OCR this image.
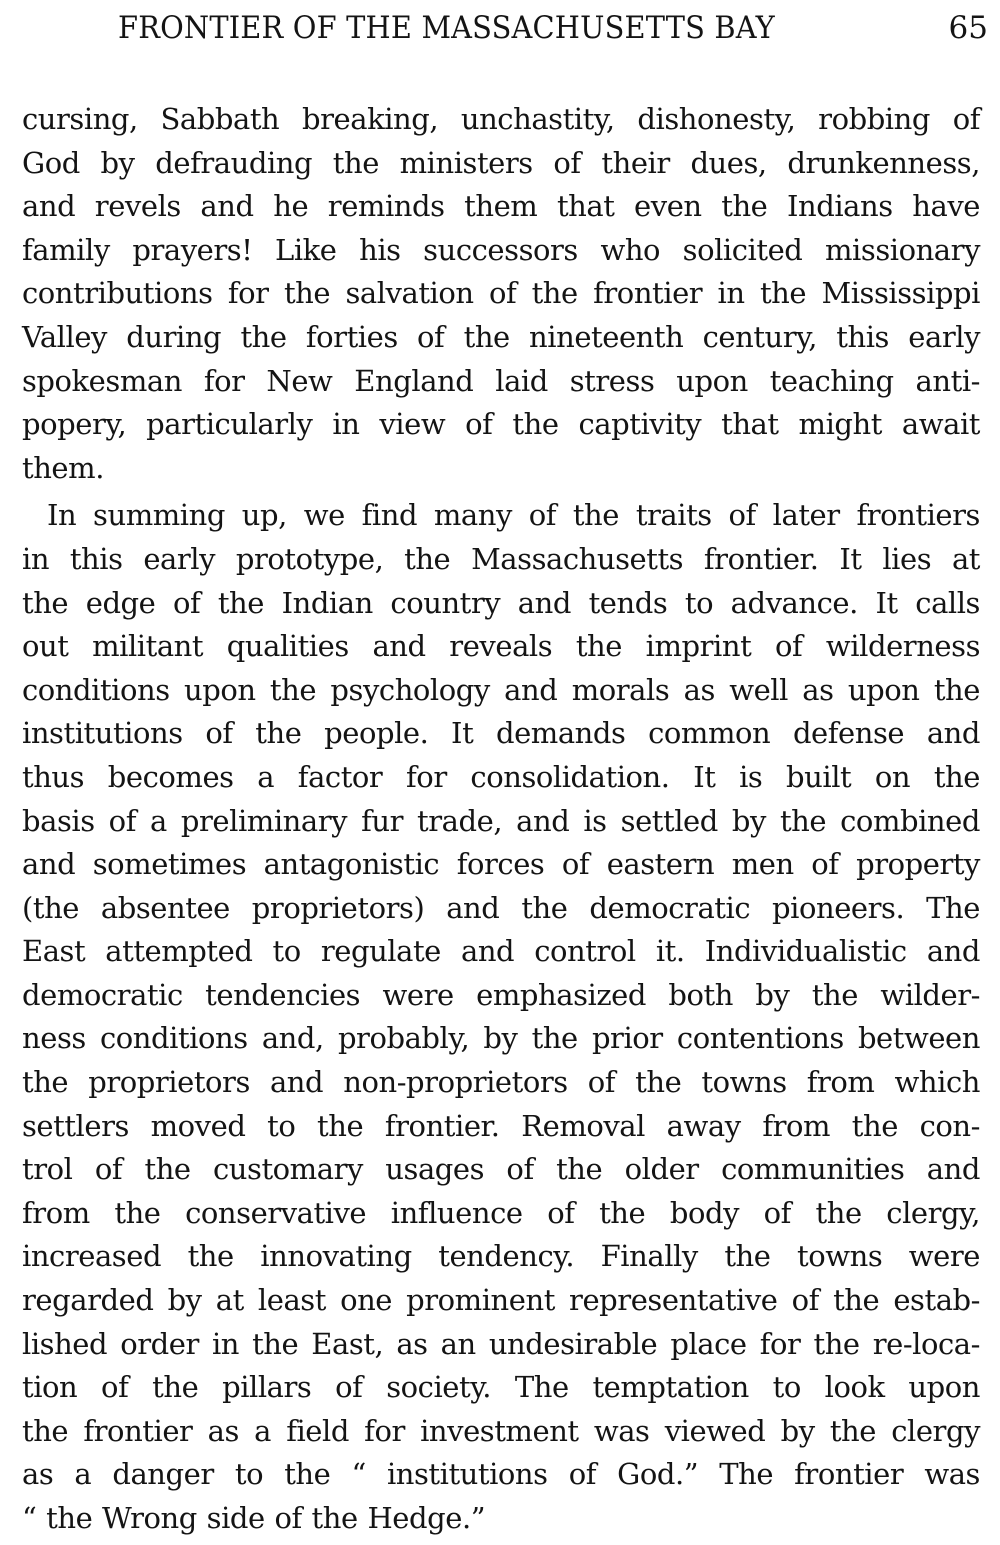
FRONTIER OF THE MASSACHUSETTS BAY	65
cursing, Sabbath breaking, unchastity, dishonesty, robbing of
God by defrauding the ministers of their dues, drunkenness,
and revels and he reminds them that even the Indians have
family prayers! Like his successors who solicited missionary
contributions for the salvation of the frontier in the Mississippi
Valley during the forties of the nineteenth century, this early
spokesman for New England laid stress upon teaching anti-
popery, particularly in view of the captivity that might await
them.
In summing up, we find many of the traits of later frontiers
in this early prototype, the Massachusetts frontier. It lies at
the edge of the Indian country and tends to advance. It calls
out militant qualities and reveals the imprint of wilderness
conditions upon the psychology and morals as well as upon the
institutions of the people. It demands common defense and
thus becomes a factor for consolidation. It is built on the
basis of a preliminary fur trade, and is settled by the combined
and sometimes antagonistic forces of eastern men of property
(the absentee proprietors) and the democratic pioneers. The
East attempted to regulate and control it. Individualistic and
democratic tendencies were emphasized both by the wilder-
ness conditions and, probably, by the prior contentions between
the proprietors and non-proprietors of the towns from which
settlers moved to the frontier. Removal away from the con-
trol of the customary usages of the older communities and
from the conservative influence of the body of the clergy,
increased the innovating tendency. Finally the towns were
regarded by at least one prominent representative of the estab-
lished order in the East, as an undesirable place for the re-loca-
tion of the pillars of society. The temptation to look upon
the frontier as a field for investment was viewed by the clergy
as a danger to the “ institutions of God.” The frontier was
“ the Wrong side of the Hedge.”
